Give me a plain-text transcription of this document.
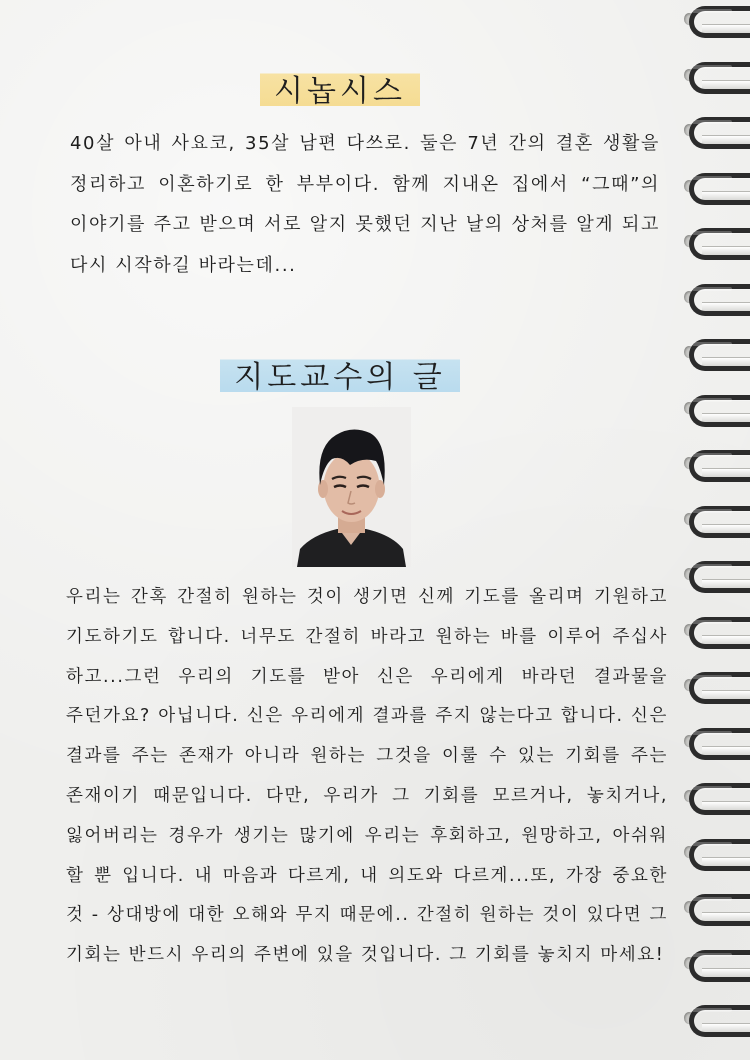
시놉시스
40살 아내 사요코, 35살 남편 다쓰로. 둘은 7년 간의 결혼 생활을 정리하고 이혼하기로 한 부부이다. 함께 지내온 집에서 “그때”의 이야기를 주고 받으며 서로 알지 못했던 지난 날의 상처를 알게 되고 다시 시작하길 바라는데...
지도교수의 글
우리는 간혹 간절히 원하는 것이 생기면 신께 기도를 올리며 기원하고 기도하기도 합니다. 너무도 간절히 바라고 원하는 바를 이루어 주십사 하고...그런 우리의 기도를 받아 신은 우리에게 바라던 결과물을 주던가요? 아닙니다. 신은 우리에게 결과를 주지 않는다고 합니다. 신은 결과를 주는 존재가 아니라 원하는 그것을 이룰 수 있는 기회를 주는 존재이기 때문입니다. 다만, 우리가 그 기회를 모르거나, 놓치거나, 잃어버리는 경우가 생기는 많기에 우리는 후회하고, 원망하고, 아쉬워 할 뿐 입니다. 내 마음과 다르게, 내 의도와 다르게...또, 가장 중요한 것 - 상대방에 대한 오해와 무지 때문에.. 간절히 원하는 것이 있다면 그 기회는 반드시 우리의 주변에 있을 것입니다. 그 기회를 놓치지 마세요!
